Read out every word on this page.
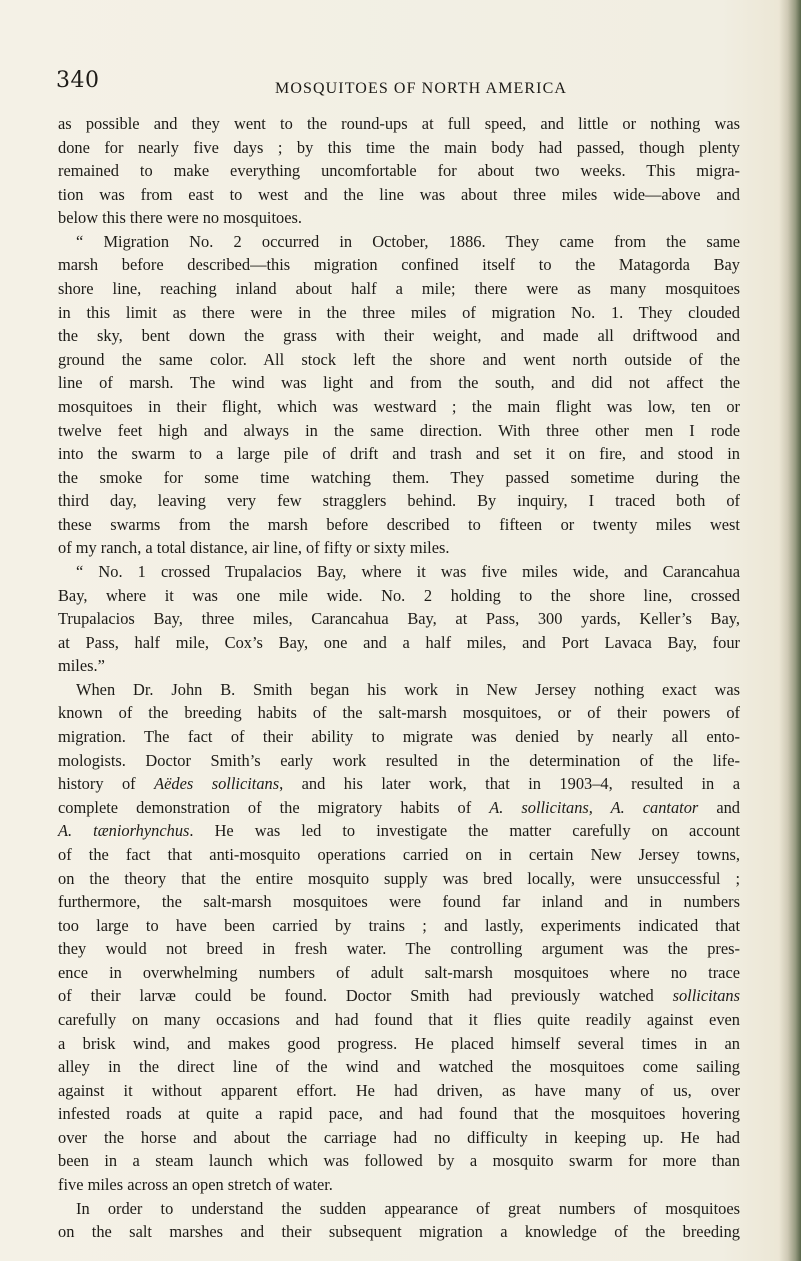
340	MOSQUITOES OF NORTH AMERICA
as possible and they went to the round-ups at full speed, and little or nothing was
done for nearly five days ; by this time the main body had passed, though plenty
remained to make everything uncomfortable for about two weeks. This migra-
tion was from east to west and the line was about three miles wide—above and
below this there were no mosquitoes.
“ Migration No. 2 occurred in October, 1886. They came from the same
marsh before described—this migration confined itself to the Matagorda Bay
shore line, reaching inland about half a mile; there were as many mosquitoes
in this limit as there were in the three miles of migration No. 1. They clouded
the sky, bent down the grass with their weight, and made all driftwood and
ground the same color. All stock left the shore and went north outside of the
line of marsh. The wind was light and from the south, and did not affect the
mosquitoes in their flight, which was westward ; the main flight was low, ten or
twelve feet high and always in the same direction. With three other men I rode
into the swarm to a large pile of drift and trash and set it on fire, and stood in
the smoke for some time watching them. They passed sometime during the
third day, leaving very few stragglers behind. By inquiry, I traced both of
these swarms from the marsh before described to fifteen or twenty miles west
of my ranch, a total distance, air line, of fifty or sixty miles.
“ No. 1 crossed Trupalacios Bay, where it was five miles wide, and Carancahua
Bay, where it was one mile wide. No. 2 holding to the shore line, crossed
Trupalacios Bay, three miles, Carancahua Bay, at Pass, 300 yards, Keller’s Bay,
at Pass, half mile, Cox’s Bay, one and a half miles, and Port Lavaca Bay, four
miles.”
When Dr. John B. Smith began his work in New Jersey nothing exact was
known of the breeding habits of the salt-marsh mosquitoes, or of their powers of
migration. The fact of their ability to migrate was denied by nearly all ento-
mologists. Doctor Smith’s early work resulted in the determination of the life-
history of Aëdes sollicitans, and his later work, that in 1903–4, resulted in a
complete demonstration of the migratory habits of A. sollicitans, A. cantator and
A. tæniorhynchus. He was led to investigate the matter carefully on account
of the fact that anti-mosquito operations carried on in certain New Jersey towns,
on the theory that the entire mosquito supply was bred locally, were unsuccessful ;
furthermore, the salt-marsh mosquitoes were found far inland and in numbers
too large to have been carried by trains ; and lastly, experiments indicated that
they would not breed in fresh water. The controlling argument was the pres-
ence in overwhelming numbers of adult salt-marsh mosquitoes where no trace
of their larvæ could be found. Doctor Smith had previously watched sollicitans
carefully on many occasions and had found that it flies quite readily against even
a brisk wind, and makes good progress. He placed himself several times in an
alley in the direct line of the wind and watched the mosquitoes come sailing
against it without apparent effort. He had driven, as have many of us, over
infested roads at quite a rapid pace, and had found that the mosquitoes hovering
over the horse and about the carriage had no difficulty in keeping up. He had
been in a steam launch which was followed by a mosquito swarm for more than
five miles across an open stretch of water.
In order to understand the sudden appearance of great numbers of mosquitoes
on the salt marshes and their subsequent migration a knowledge of the breeding
